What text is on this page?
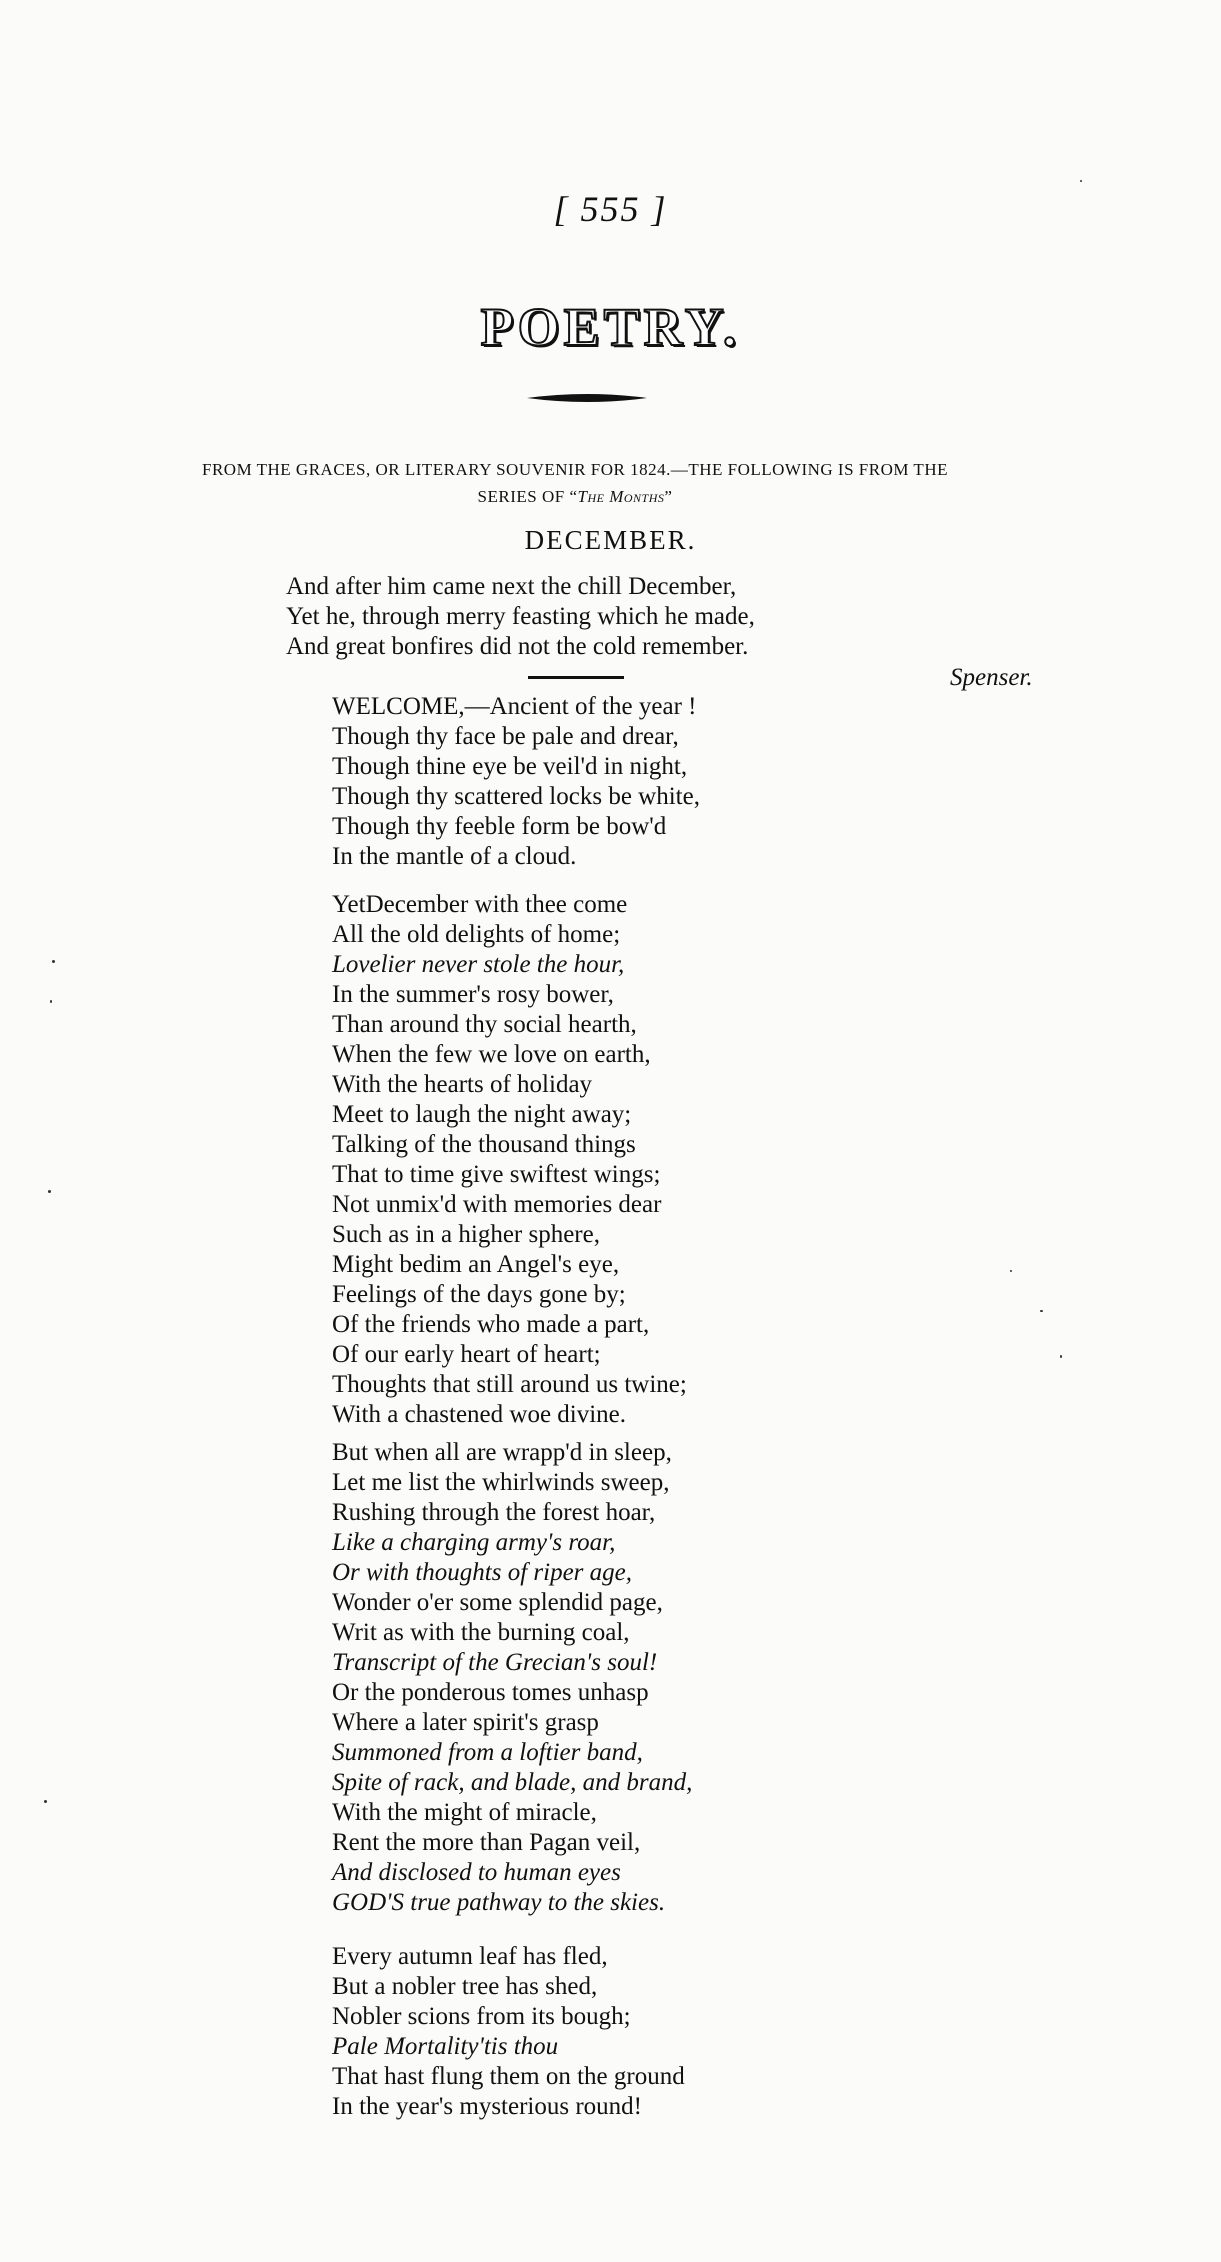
[ 555 ]
POETRY.
FROM THE GRACES, OR LITERARY SOUVENIR FOR 1824.—THE FOLLOWING IS FROM THE
SERIES OF “The Months”
DECEMBER.
And after him came next the chill December,
Yet he, through merry feasting which he made,
And great bonfires did not the cold remember.
Spenser.
WELCOME,—Ancient of the year !
Though thy face be pale and drear,
Though thine eye be veil'd in night,
Though thy scattered locks be white,
Though thy feeble form be bow'd
In the mantle of a cloud.
YetDecember with thee come
All the old delights of home;
Lovelier never stole the hour,
In the summer's rosy bower,
Than around thy social hearth,
When the few we love on earth,
With the hearts of holiday
Meet to laugh the night away;
Talking of the thousand things
That to time give swiftest wings;
Not unmix'd with memories dear
Such as in a higher sphere,
Might bedim an Angel's eye,
Feelings of the days gone by;
Of the friends who made a part,
Of our early heart of heart;
Thoughts that still around us twine;
With a chastened woe divine.
But when all are wrapp'd in sleep,
Let me list the whirlwinds sweep,
Rushing through the forest hoar,
Like a charging army's roar,
Or with thoughts of riper age,
Wonder o'er some splendid page,
Writ as with the burning coal,
Transcript of the Grecian's soul!
Or the ponderous tomes unhasp
Where a later spirit's grasp
Summoned from a loftier band,
Spite of rack, and blade, and brand,
With the might of miracle,
Rent the more than Pagan veil,
And disclosed to human eyes
GOD'S true pathway to the skies.
Every autumn leaf has fled,
But a nobler tree has shed,
Nobler scions from its bough;
Pale Mortality'tis thou
That hast flung them on the ground
In the year's mysterious round!
